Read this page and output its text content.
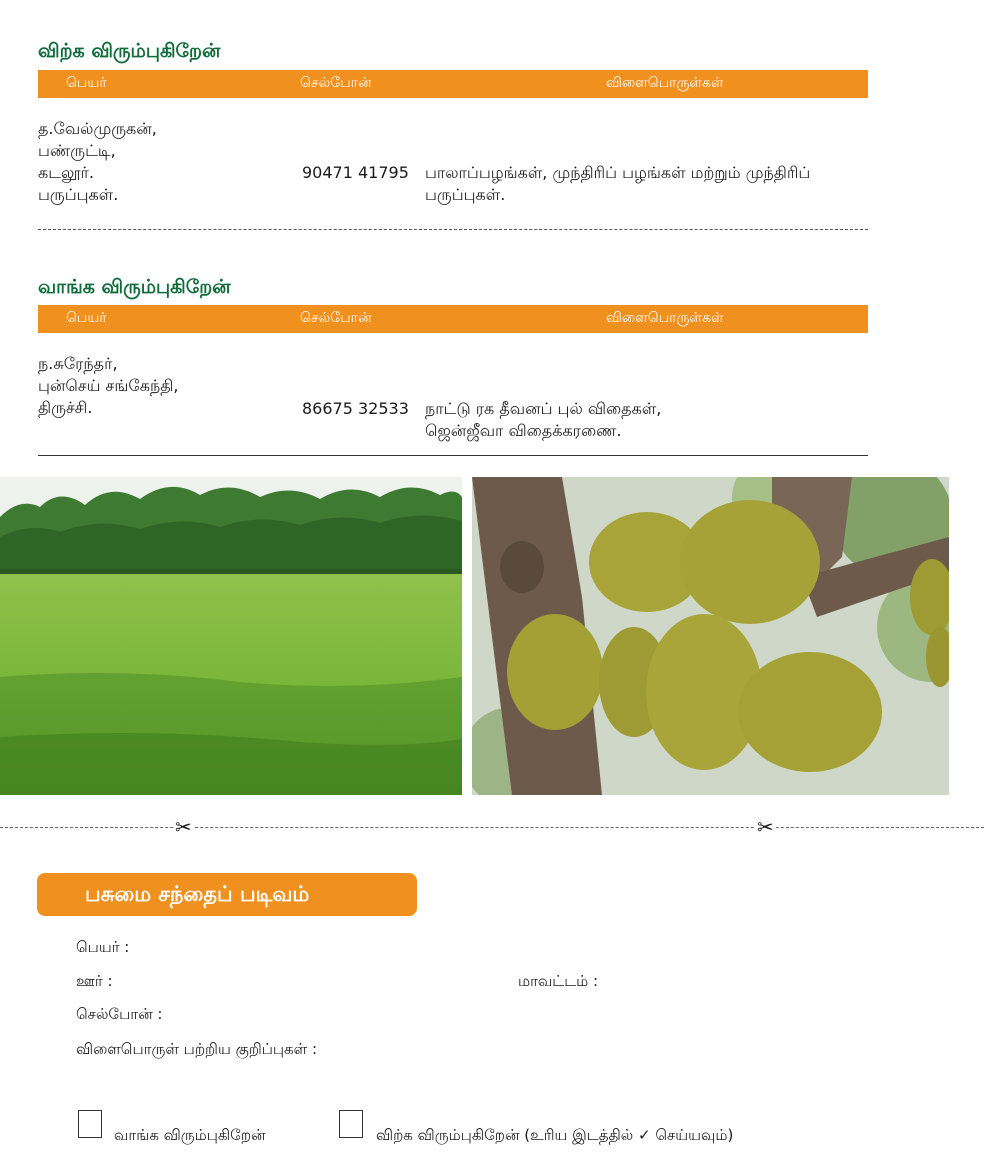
விற்க விரும்புகிறேன்
பெயர்	செல்போன்	விளைபொருள்கள்
த.வேல்முருகன்,
பண்ருட்டி,
கடலூர்.
பருப்புகள்.
90471 41795	பாலாப்பழங்கள், முந்திரிப் பழங்கள் மற்றும் முந்திரிப்
பருப்புகள்.
வாங்க விரும்புகிறேன்
பெயர்	செல்போன்	விளைபொருள்கள்
ந.சுரேந்தர்,
புன்செய் சங்கேந்தி,
திருச்சி.	86675 32533	நாட்டு ரக தீவனப் புல் விதைகள்,
ஜென்ஜீவா விதைக்கரணை.
✂	✂
பசுமை சந்தைப் படிவம்
பெயர் :
ஊர் :	மாவட்டம் :
செல்போன் :
விளைபொருள் பற்றிய குறிப்புகள் :
வாங்க விரும்புகிறேன்	விற்க விரும்புகிறேன் (உரிய இடத்தில் ✓ செய்யவும்)
